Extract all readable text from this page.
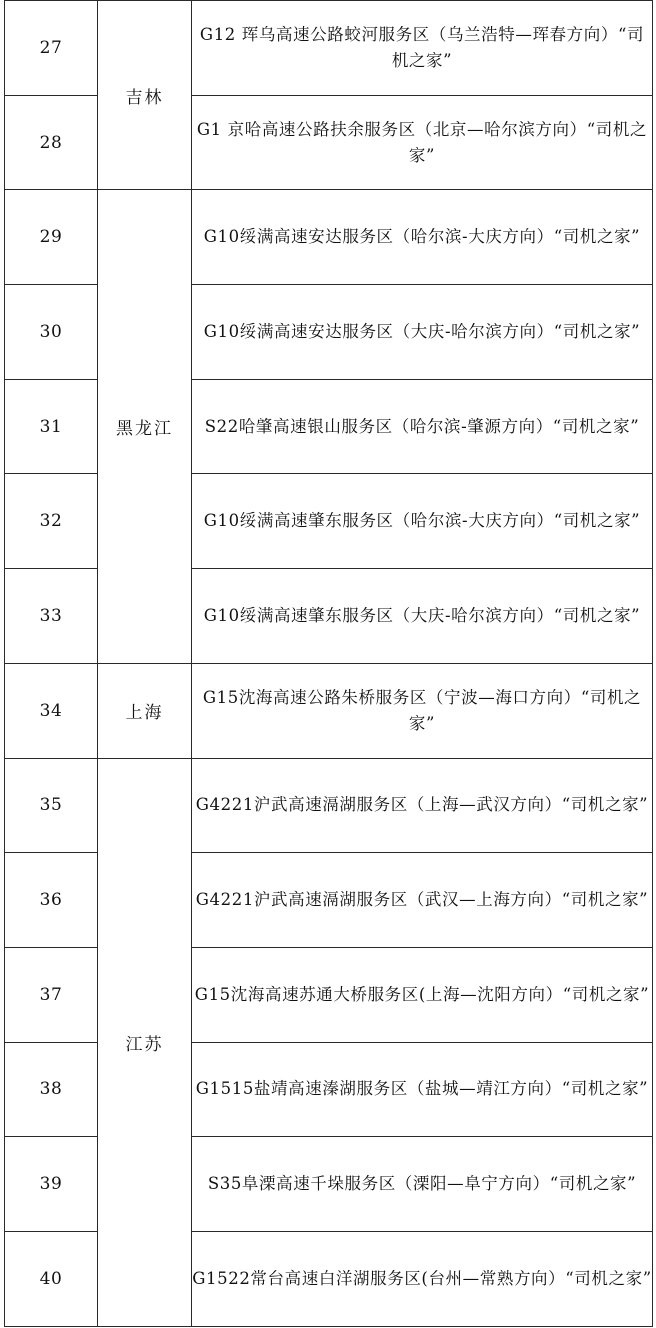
27	吉林	G12 珲乌高速公路蛟河服务区（乌兰浩特—珲春方向）“司机之家”
28		G1 京哈高速公路扶余服务区（北京—哈尔滨方向）“司机之家”
29	黑龙江	G10绥满高速安达服务区（哈尔滨-大庆方向）“司机之家”
30		G10绥满高速安达服务区（大庆-哈尔滨方向）“司机之家”
31		S22哈肇高速银山服务区（哈尔滨-肇源方向）“司机之家”
32		G10绥满高速肇东服务区（哈尔滨-大庆方向）“司机之家”
33		G10绥满高速肇东服务区（大庆-哈尔滨方向）“司机之家”
34	上海	G15沈海高速公路朱桥服务区（宁波—海口方向）“司机之家”
35	江苏	G4221沪武高速滆湖服务区（上海—武汉方向）“司机之家”
36		G4221沪武高速滆湖服务区（武汉—上海方向）“司机之家”
37		G15沈海高速苏通大桥服务区(上海—沈阳方向）“司机之家”
38		G1515盐靖高速溱湖服务区（盐城—靖江方向）“司机之家”
39		S35阜溧高速千垛服务区（溧阳—阜宁方向）“司机之家”
40		G1522常台高速白洋湖服务区(台州—常熟方向）“司机之家”
